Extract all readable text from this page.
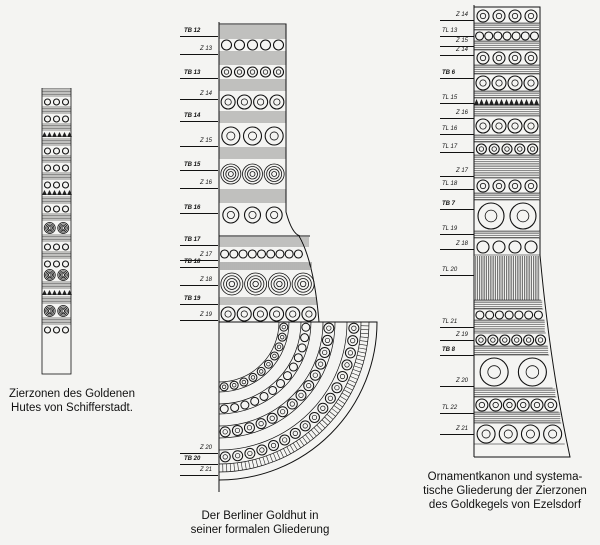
Zierzonen des Goldenen
Hutes von Schifferstadt.
TB 12
Z 13
TB 13
Z 14
TB 14
Z 15
TB 15
Z 16
TB 16
TB 17
Z 17
TB 18
Z 18
TB 19
Z 19
Z 20
TB 20
Z 21
Der Berliner Goldhut in
seiner formalen Gliederung
Z 14
TL 13
Z 15
Z 14
TB 6
TL 15
Z 16
TL 16
TL 17
Z 17
TL 18
TB 7
TL 19
Z 18
TL 20
TL 21
Z 19
TB 8
Z 20
TL 22
Z 21
Ornamentkanon und systema-
tische Gliederung der Zierzonen
des Goldkegels von Ezelsdorf
